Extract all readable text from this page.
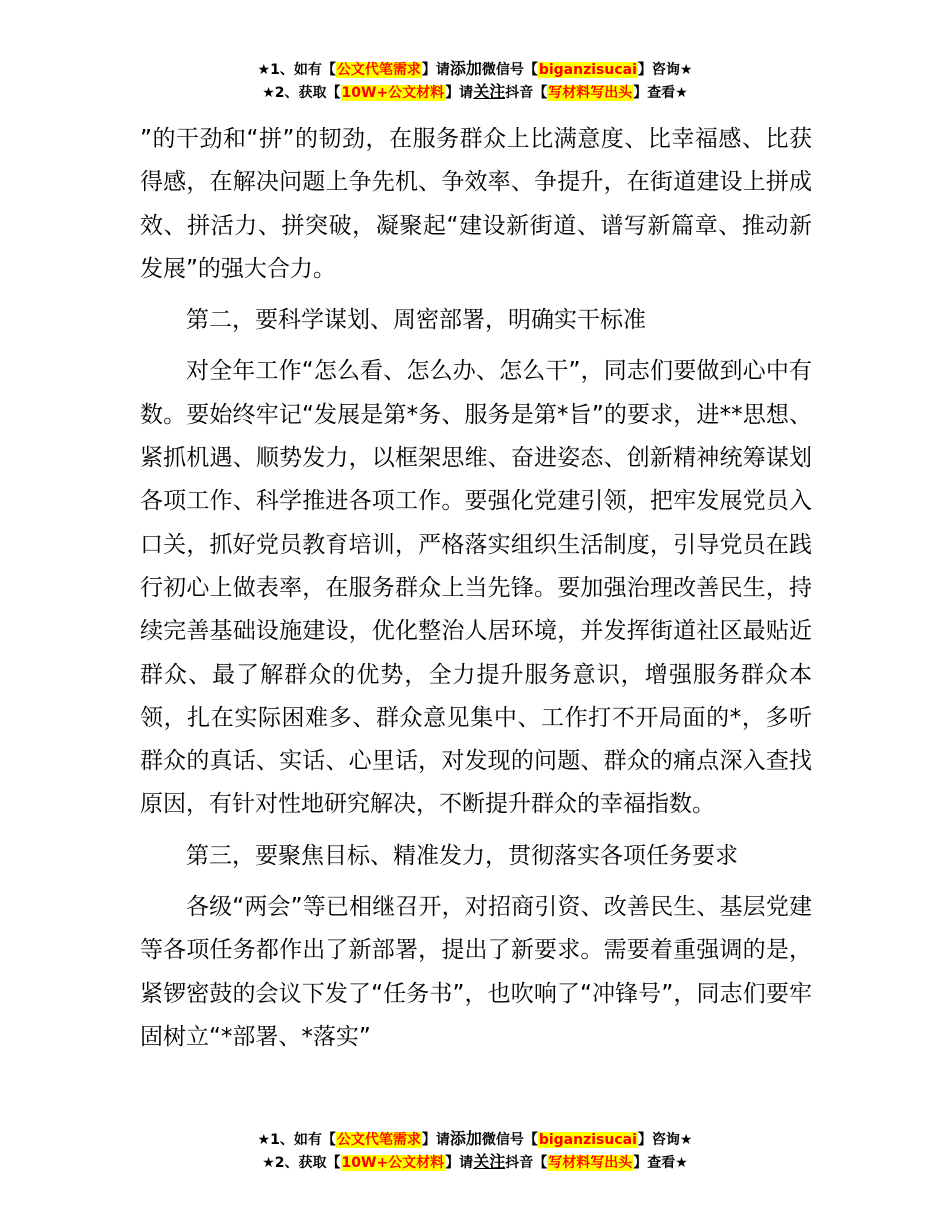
★1、如有【公文代笔需求】请添加微信号【biganzisucai】咨询★
★2、获取【10W+公文材料】请关注抖音【写材料写出头】查看★

”的干劲和“拼”的韧劲，在服务群众上比满意度、比幸福感、比获得感，在解决问题上争先机、争效率、争提升，在街道建设上拼成效、拼活力、拼突破，凝聚起“建设新街道、谱写新篇章、推动新发展”的强大合力。

第二，要科学谋划、周密部署，明确实干标准

对全年工作“怎么看、怎么办、怎么干”，同志们要做到心中有数。要始终牢记“发展是第*务、服务是第*旨”的要求，进**思想、紧抓机遇、顺势发力，以框架思维、奋进姿态、创新精神统筹谋划各项工作、科学推进各项工作。要强化党建引领，把牢发展党员入口关，抓好党员教育培训，严格落实组织生活制度，引导党员在践行初心上做表率，在服务群众上当先锋。要加强治理改善民生，持续完善基础设施建设，优化整治人居环境，并发挥街道社区最贴近群众、最了解群众的优势，全力提升服务意识，增强服务群众本领，扎在实际困难多、群众意见集中、工作打不开局面的*，多听群众的真话、实话、心里话，对发现的问题、群众的痛点深入查找原因，有针对性地研究解决，不断提升群众的幸福指数。

第三，要聚焦目标、精准发力，贯彻落实各项任务要求

各级“两会”等已相继召开，对招商引资、改善民生、基层党建等各项任务都作出了新部署，提出了新要求。需要着重强调的是，紧锣密鼓的会议下发了“任务书”，也吹响了“冲锋号”，同志们要牢固树立“*部署、*落实”

★1、如有【公文代笔需求】请添加微信号【biganzisucai】咨询★
★2、获取【10W+公文材料】请关注抖音【写材料写出头】查看★
